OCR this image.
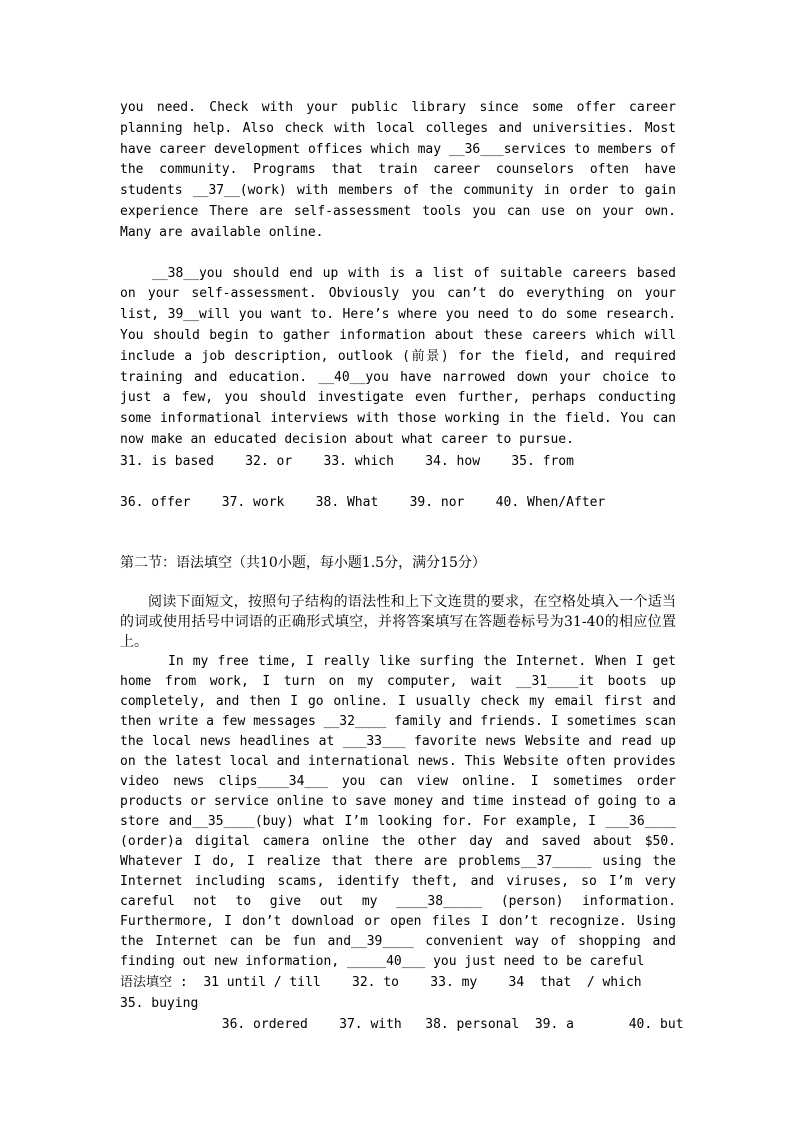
you need. Check with your public library since some offer career planning help. Also check with local colleges and universities. Most have career development offices which may __36___services to members of the community. Programs that train career counselors often have students __37__(work) with members of the community in order to gain experience There are self-assessment tools you can use on your own. Many are available online.

__38__you should end up with is a list of suitable careers based on your self-assessment. Obviously you can’t do everything on your list, 39__will you want to. Here’s where you need to do some research. You should begin to gather information about these careers which will include a job description, outlook (前景) for the field, and required training and education. __40__you have narrowed down your choice to just a few, you should investigate even further, perhaps conducting some informational interviews with those working in the field. You can now make an educated decision about what career to pursue.

31. is based    32. or    33. which    34. how    35. from

36. offer    37. work    38. What    39. nor    40. When/After

第二节：语法填空（共10小题，每小题1.5分，满分15分）

阅读下面短文，按照句子结构的语法性和上下文连贯的要求，在空格处填入一个适当的词或使用括号中词语的正确形式填空，并将答案填写在答题卷标号为31-40的相应位置上。

In my free time, I really like surfing the Internet. When I get home from work, I turn on my computer, wait __31____it boots up completely, and then I go online. I usually check my email first and then write a few messages __32____ family and friends. I sometimes scan the local news headlines at ___33___ favorite news Website and read up on the latest local and international news. This Website often provides video news clips____34___ you can view online. I sometimes order products or service online to save money and time instead of going to a store and__35____(buy) what I’m looking for. For example, I ___36____ (order)a digital camera online the other day and saved about $50. Whatever I do, I realize that there are problems__37_____ using the Internet including scams, identify theft, and viruses, so I’m very careful not to give out my ____38_____ (person) information. Furthermore, I don’t download or open files I don’t recognize. Using the Internet can be fun and__39____ convenient way of shopping and finding out new information, _____40___ you just need to be careful

语法填空 :  31 until / till    32. to    33. my    34  that  / which

35. buying

36. ordered    37. with   38. personal  39. a       40. but
